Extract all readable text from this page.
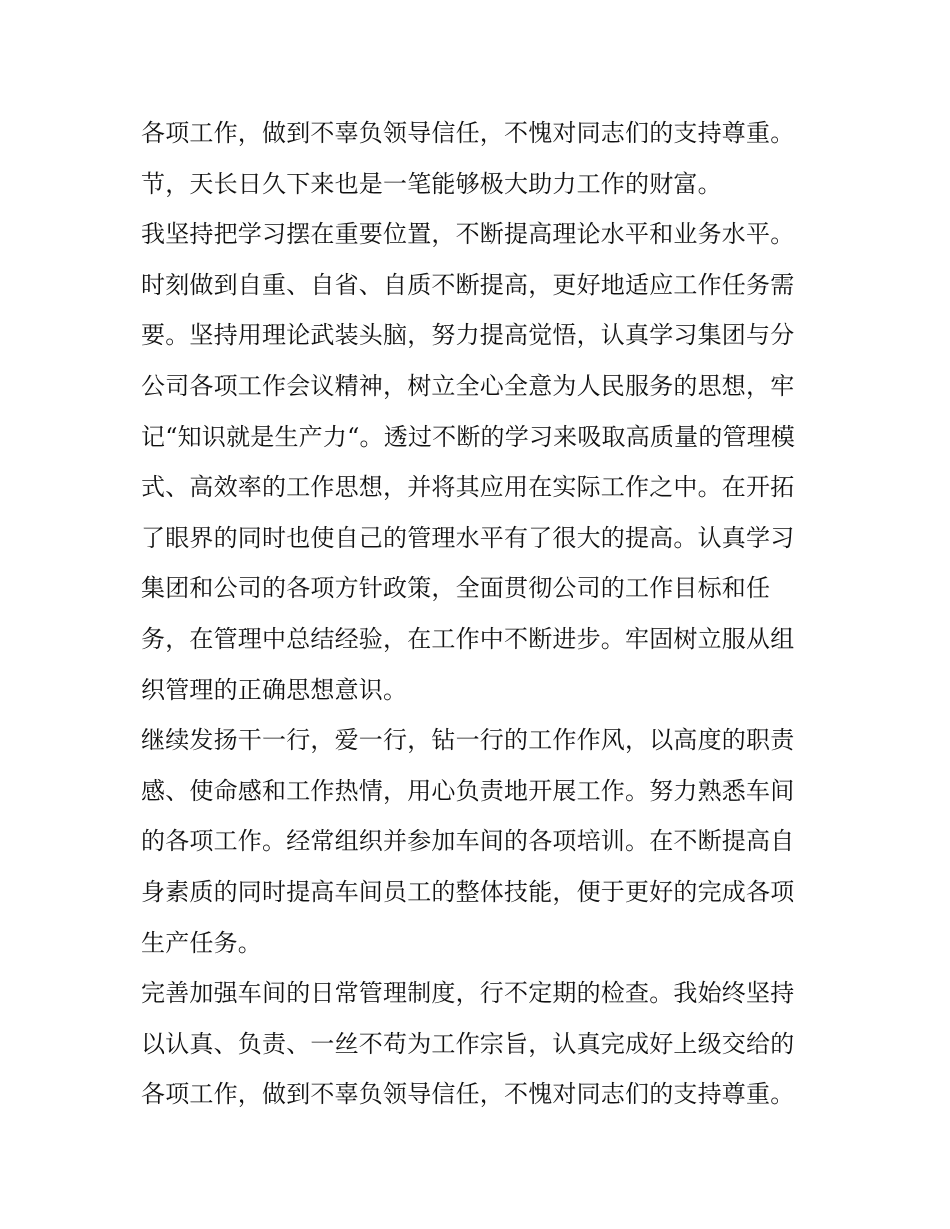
各项工作，做到不辜负领导信任，不愧对同志们的支持尊重。
节，天长日久下来也是一笔能够极大助力工作的财富。
我坚持把学习摆在重要位置，不断提高理论水平和业务水平。
时刻做到自重、自省、自质不断提高，更好地适应工作任务需
要。坚持用理论武装头脑，努力提高觉悟，认真学习集团与分
公司各项工作会议精神，树立全心全意为人民服务的思想，牢
记“知识就是生产力“。透过不断的学习来吸取高质量的管理模
式、高效率的工作思想，并将其应用在实际工作之中。在开拓
了眼界的同时也使自己的管理水平有了很大的提高。认真学习
集团和公司的各项方针政策，全面贯彻公司的工作目标和任
务，在管理中总结经验，在工作中不断进步。牢固树立服从组
织管理的正确思想意识。
继续发扬干一行，爱一行，钻一行的工作作风，以高度的职责
感、使命感和工作热情，用心负责地开展工作。努力熟悉车间
的各项工作。经常组织并参加车间的各项培训。在不断提高自
身素质的同时提高车间员工的整体技能，便于更好的完成各项
生产任务。
完善加强车间的日常管理制度，行不定期的检查。我始终坚持
以认真、负责、一丝不苟为工作宗旨，认真完成好上级交给的
各项工作，做到不辜负领导信任，不愧对同志们的支持尊重。
